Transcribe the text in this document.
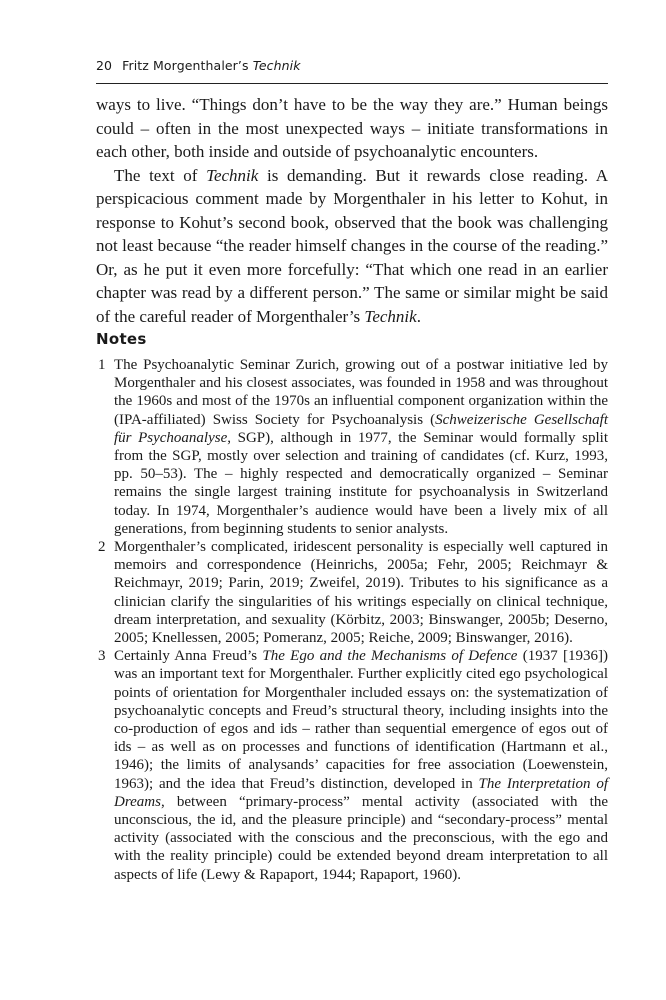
20 Fritz Morgenthaler’s Technik

ways to live. “Things don’t have to be the way they are.” Human beings could – often in the most unexpected ways – initiate transformations in each other, both inside and outside of psychoanalytic encounters.

The text of Technik is demanding. But it rewards close reading. A perspicacious comment made by Morgenthaler in his letter to Kohut, in response to Kohut’s second book, observed that the book was challenging not least because “the reader himself changes in the course of the reading.” Or, as he put it even more forcefully: “That which one read in an earlier chapter was read by a different person.” The same or similar might be said of the careful reader of Morgenthaler’s Technik.

Notes
1 The Psychoanalytic Seminar Zurich, growing out of a postwar initiative led by Morgenthaler and his closest associates, was founded in 1958 and was throughout the 1960s and most of the 1970s an influential component organization within the (IPA-affiliated) Swiss Society for Psychoanalysis (Schweizerische Gesellschaft für Psychoanalyse, SGP), although in 1977, the Seminar would formally split from the SGP, mostly over selection and training of candidates (cf. Kurz, 1993, pp. 50–53). The – highly respected and democratically organized – Seminar remains the single largest training institute for psychoanalysis in Switzerland today. In 1974, Morgenthaler’s audience would have been a lively mix of all generations, from beginning students to senior analysts.
2 Morgenthaler’s complicated, iridescent personality is especially well captured in memoirs and correspondence (Heinrichs, 2005a; Fehr, 2005; Reichmayr & Reichmayr, 2019; Parin, 2019; Zweifel, 2019). Tributes to his significance as a clinician clarify the singularities of his writings especially on clinical technique, dream interpretation, and sexuality (Körbitz, 2003; Binswanger, 2005b; Deserno, 2005; Knellessen, 2005; Pomeranz, 2005; Reiche, 2009; Binswanger, 2016).
3 Certainly Anna Freud’s The Ego and the Mechanisms of Defence (1937 [1936]) was an important text for Morgenthaler. Further explicitly cited ego psychological points of orientation for Morgenthaler included essays on: the systematization of psychoanalytic concepts and Freud’s structural theory, including insights into the co-production of egos and ids – rather than sequential emergence of egos out of ids – as well as on processes and functions of identification (Hartmann et al., 1946); the limits of analysands’ capacities for free association (Loewenstein, 1963); and the idea that Freud’s distinction, developed in The Interpretation of Dreams, between “primary-process” mental activity (associated with the unconscious, the id, and the pleasure principle) and “secondary-process” mental activity (associated with the conscious and the preconscious, with the ego and with the reality principle) could be extended beyond dream interpretation to all aspects of life (Lewy & Rapaport, 1944; Rapaport, 1960).
